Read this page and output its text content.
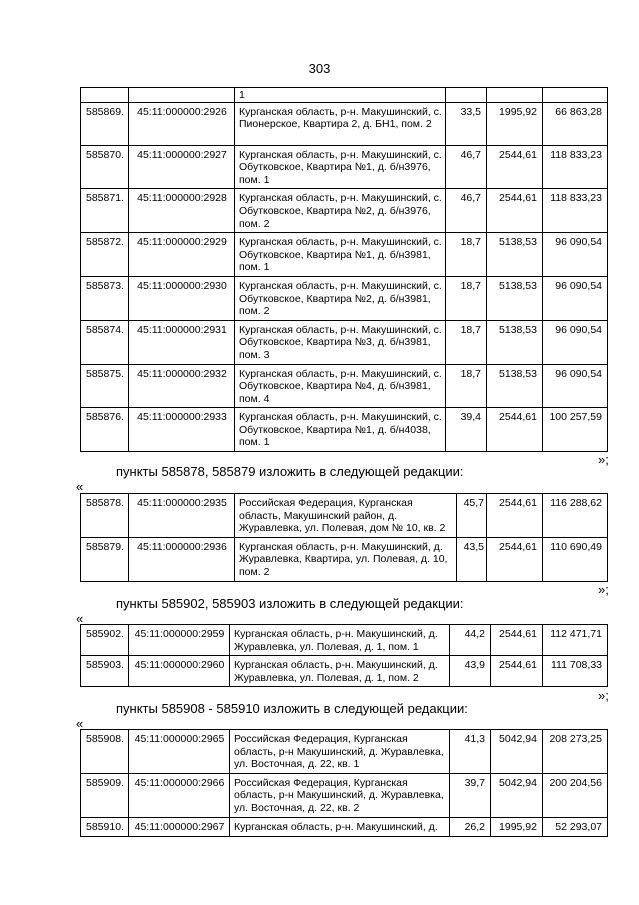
303
		1			
585869.	45:11:000000:2926	Курганская область, р-н. Макушинский, с. Пионерское, Квартира 2, д. БН1, пом. 2	33,5	1995,92	66 863,28
585870.	45:11:000000:2927	Курганская область, р-н. Макушинский, с. Обутковское, Квартира №1, д. б/н3976, пом. 1	46,7	2544,61	118 833,23
585871.	45:11:000000:2928	Курганская область, р-н. Макушинский, с. Обутковское, Квартира №2, д. б/н3976, пом. 2	46,7	2544,61	118 833,23
585872.	45:11:000000:2929	Курганская область, р-н. Макушинский, с. Обутковское, Квартира №1, д. б/н3981, пом. 1	18,7	5138,53	96 090,54
585873.	45:11:000000:2930	Курганская область, р-н. Макушинский, с. Обутковское, Квартира №2, д. б/н3981, пом. 2	18,7	5138,53	96 090,54
585874.	45:11:000000:2931	Курганская область, р-н. Макушинский, с. Обутковское, Квартира №3, д. б/н3981, пом. 3	18,7	5138,53	96 090,54
585875.	45:11:000000:2932	Курганская область, р-н. Макушинский, с. Обутковское, Квартира №4, д. б/н3981, пом. 4	18,7	5138,53	96 090,54
585876.	45:11:000000:2933	Курганская область, р-н. Макушинский, с. Обутковское, Квартира №1, д. б/н4038, пом. 1	39,4	2544,61	100 257,59
»;
пункты 585878, 585879 изложить в следующей редакции:
«
585878.	45:11:000000:2935	Российская Федерация, Курганская область, Макушинский район, д. Журавлевка, ул. Полевая, дом № 10, кв. 2	45,7	2544,61	116 288,62
585879.	45:11:000000:2936	Курганская область, р-н. Макушинский, д. Журавлевка, Квартира, ул. Полевая, д. 10, пом. 2	43,5	2544,61	110 690,49
»;
пункты 585902, 585903 изложить в следующей редакции:
«
585902.	45:11:000000:2959	Курганская область, р-н. Макушинский, д. Журавлевка, ул. Полевая, д. 1, пом. 1	44,2	2544,61	112 471,71
585903.	45:11:000000:2960	Курганская область, р-н. Макушинский, д. Журавлевка, ул. Полевая, д. 1, пом. 2	43,9	2544,61	111 708,33
»;
пункты 585908 - 585910 изложить в следующей редакции:
«
585908.	45:11:000000:2965	Российская Федерация, Курганская область, р-н Макушинский, д. Журавлевка, ул. Восточная, д. 22, кв. 1	41,3	5042,94	208 273,25
585909.	45:11:000000:2966	Российская Федерация, Курганская область, р-н Макушинский, д. Журавлевка, ул. Восточная, д. 22, кв. 2	39,7	5042,94	200 204,56
585910.	45:11:000000:2967	Курганская область, р-н. Макушинский, д.	26,2	1995,92	52 293,07
